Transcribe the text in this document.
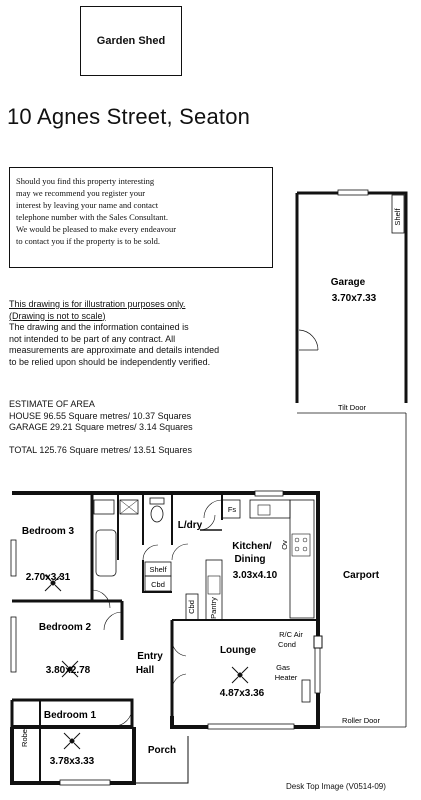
Garden Shed
10 Agnes Street, Seaton
Should you find this property interesting
may we recommend you register your
interest by leaving your name and contact
telephone number with the Sales Consultant.
We would be pleased to make every endeavour
to contact you if the property is to be sold.
This drawing is for illustration purposes only.
(Drawing is not to scale)
The drawing and the information contained is
not intended to be part of any contract. All
measurements are approximate and details intended
to be relied upon should be independently verified.
ESTIMATE OF AREA
HOUSE 96.55 Square metres/ 10.37 Squares
GARAGE 29.21 Square metres/ 3.14 Squares
TOTAL 125.76 Square metres/ 13.51 Squares
Garage
3.70x7.33
Shelf
Tilt Door
Carport
Roller Door
Bedroom 3
2.70x3.31
Bedroom 2
3.80x2.78
Bedroom 1
3.78x3.33
Robe
L/dry
Fs
Ov
Kitchen/
Dining
3.03x4.10
Shelf
Cbd
Cbd Pantry
Entry
Hall
Lounge
4.87x3.36
R/C Air
Cond
Gas
Heater
Porch
Desk Top Image (V0514-09)
